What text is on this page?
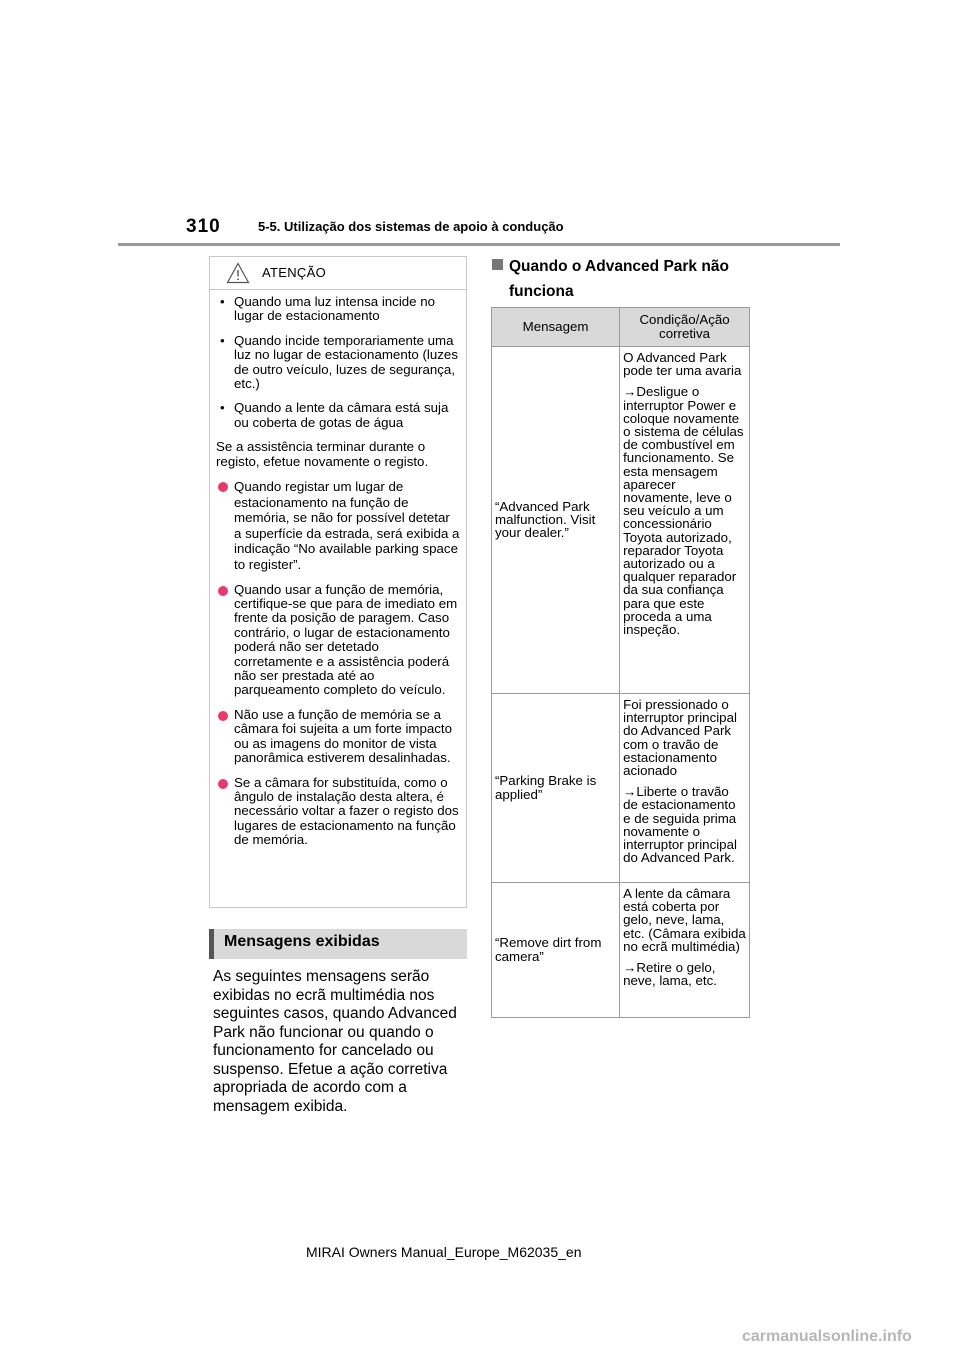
310	5-5. Utilização dos sistemas de apoio à condução
ATENÇÃO
• Quando uma luz intensa incide no lugar de estacionamento
• Quando incide temporariamente uma luz no lugar de estacionamento (luzes de outro veículo, luzes de segurança, etc.)
• Quando a lente da câmara está suja ou coberta de gotas de água
Se a assistência terminar durante o registo, efetue novamente o registo.
Quando registar um lugar de estacionamento na função de memória, se não for possível detetar a superfície da estrada, será exibida a indicação “No available parking space to register”.
Quando usar a função de memória, certifique-se que para de imediato em frente da posição de paragem. Caso contrário, o lugar de estacionamento poderá não ser detetado corretamente e a assistência poderá não ser prestada até ao parqueamento completo do veículo.
Não use a função de memória se a câmara foi sujeita a um forte impacto ou as imagens do monitor de vista panorâmica estiverem desalinhadas.
Se a câmara for substituída, como o ângulo de instalação desta altera, é necessário voltar a fazer o registo dos lugares de estacionamento na função de memória.
Mensagens exibidas
As seguintes mensagens serão exibidas no ecrã multimédia nos seguintes casos, quando Advanced Park não funcionar ou quando o funcionamento for cancelado ou suspenso. Efetue a ação corretiva apropriada de acordo com a mensagem exibida.
Quando o Advanced Park não
funciona
Mensagem	Condição/Ação corretiva
“Advanced Park malfunction. Visit your dealer.”	O Advanced Park pode ter uma avaria
→Desligue o interruptor Power e coloque novamente o sistema de células de combustível em funcionamento. Se esta mensagem aparecer novamente, leve o seu veículo a um concessionário Toyota autorizado, reparador Toyota autorizado ou a qualquer reparador da sua confiança para que este proceda a uma inspeção.

“Parking Brake is applied”	Foi pressionado o interruptor principal do Advanced Park com o travão de estacionamento acionado
→Liberte o travão de estacionamento e de seguida prima novamente o interruptor principal do Advanced Park.

“Remove dirt from camera”	A lente da câmara está coberta por gelo, neve, lama, etc. (Câmara exibida no ecrã multimédia)
→Retire o gelo, neve, lama, etc.
MIRAI Owners Manual_Europe_M62035_en
carmanualsonline.info
